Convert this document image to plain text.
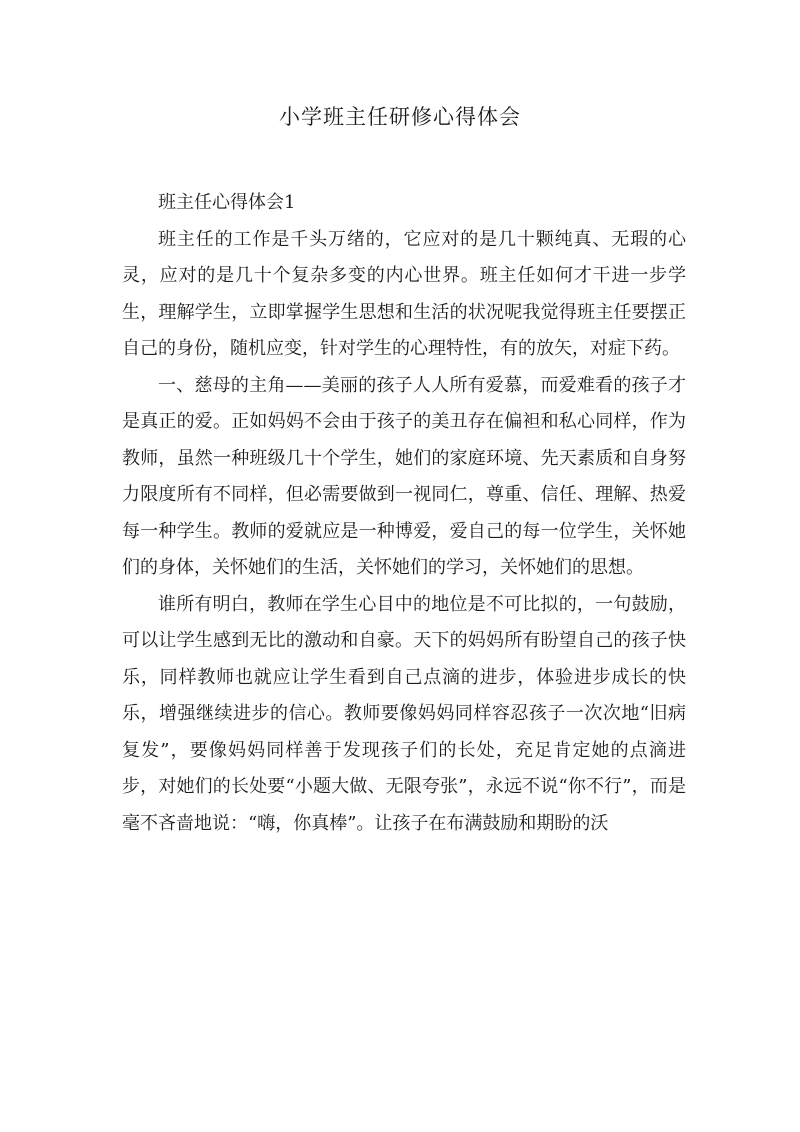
小学班主任研修心得体会

班主任心得体会1

班主任的工作是千头万绪的，它应对的是几十颗纯真、无瑕的心灵，应对的是几十个复杂多变的内心世界。班主任如何才干进一步学生，理解学生，立即掌握学生思想和生活的状况呢我觉得班主任要摆正自己的身份，随机应变，针对学生的心理特性，有的放矢，对症下药。

一、慈母的主角——美丽的孩子人人所有爱慕，而爱难看的孩子才是真正的爱。正如妈妈不会由于孩子的美丑存在偏袒和私心同样，作为教师，虽然一种班级几十个学生，她们的家庭环境、先天素质和自身努力限度所有不同样，但必需要做到一视同仁，尊重、信任、理解、热爱每一种学生。教师的爱就应是一种博爱，爱自己的每一位学生，关怀她们的身体，关怀她们的生活，关怀她们的学习，关怀她们的思想。

谁所有明白，教师在学生心目中的地位是不可比拟的，一句鼓励，可以让学生感到无比的激动和自豪。天下的妈妈所有盼望自己的孩子快乐，同样教师也就应让学生看到自己点滴的进步，体验进步成长的快乐，增强继续进步的信心。教师要像妈妈同样容忍孩子一次次地“旧病复发”，要像妈妈同样善于发现孩子们的长处，充足肯定她的点滴进步，对她们的长处要“小题大做、无限夸张”，永远不说“你不行”，而是毫不吝啬地说：“嗨，你真棒”。让孩子在布满鼓励和期盼的沃
